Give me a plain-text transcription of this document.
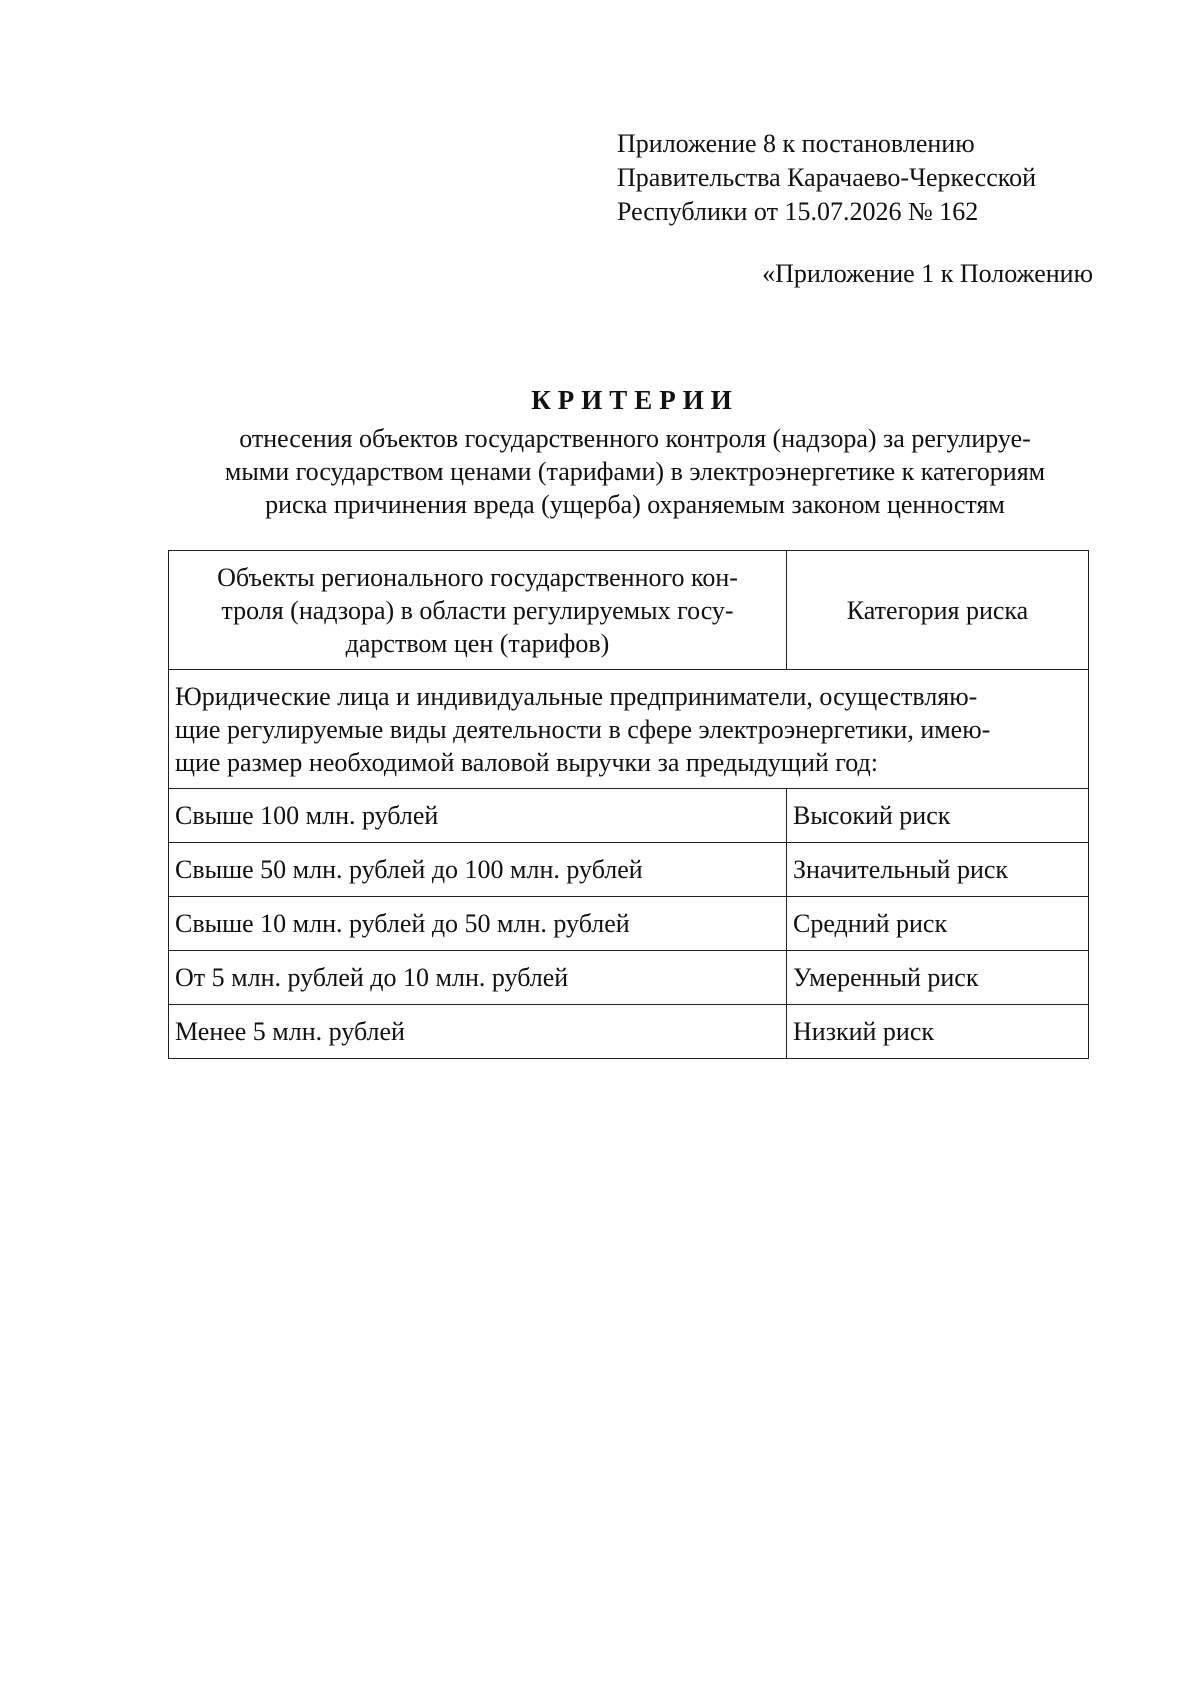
Приложение 8 к постановлению
Правительства Карачаево-Черкесской
Республики от 15.07.2026 № 162
«Приложение 1 к Положению
КРИТЕРИИ
отнесения объектов государственного контроля (надзора) за регулируе-
мыми государством ценами (тарифами) в электроэнергетике к категориям
риска причинения вреда (ущерба) охраняемым законом ценностям
Объекты регионального государственного кон-
троля (надзора) в области регулируемых госу-
дарством цен (тарифов)	Категория риска

Юридические лица и индивидуальные предприниматели, осуществляю-
щие регулируемые виды деятельности в сфере электроэнергетики, имею-
щие размер необходимой валовой выручки за предыдущий год:	

Свыше 100 млн. рублей	Высокий риск
Свыше 50 млн. рублей до 100 млн. рублей	Значительный риск
Свыше 10 млн. рублей до 50 млн. рублей	Средний риск
От 5 млн. рублей до 10 млн. рублей	Умеренный риск
Менее 5 млн. рублей	Низкий риск
